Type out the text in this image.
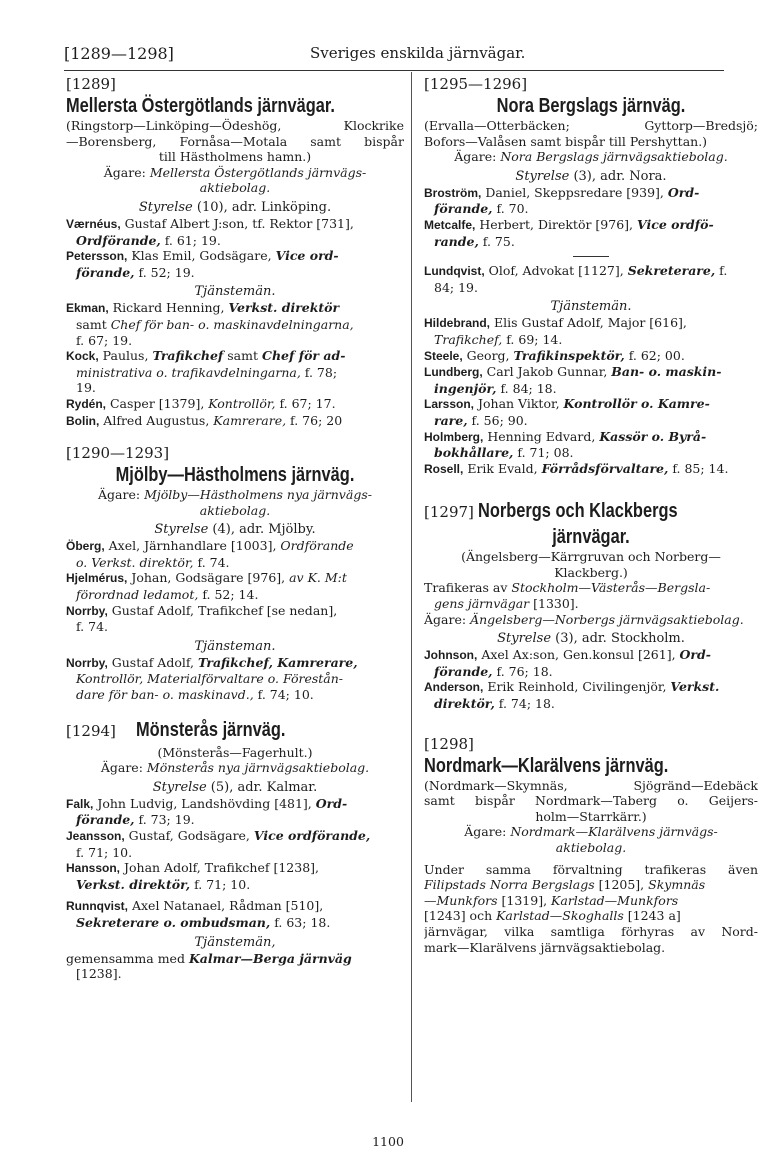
[1289—1298]	Sveriges enskilda järnvägar.
[1289]
Mellersta Östergötlands järnvägar.
(Ringstorp—Linköping—Ödeshög, Klockrike
—Borensberg, Fornåsa—Motala samt bispår
till Hästholmens hamn.)
Ägare: Mellersta Östergötlands järnvägs-
aktiebolag.
Styrelse (10), adr. Linköping.
Værnéus, Gustaf Albert J:son, tf. Rektor [731],
Ordförande, f. 61; 19.
Petersson, Klas Emil, Godsägare, Vice ord-
förande, f. 52; 19.
Tjänstemän.
Ekman, Rickard Henning, Verkst. direktör
samt Chef för ban- o. maskinavdelningarna,
f. 67; 19.
Kock, Paulus, Trafikchef samt Chef för ad-
ministrativa o. trafikavdelningarna, f. 78;
19.
Rydén, Casper [1379], Kontrollör, f. 67; 17.
Bolin, Alfred Augustus, Kamrerare, f. 76; 20
[1290—1293]
Mjölby—Hästholmens järnväg.
Ägare: Mjölby—Hästholmens nya järnvägs-
aktiebolag.
Styrelse (4), adr. Mjölby.
Öberg, Axel, Järnhandlare [1003], Ordförande
o. Verkst. direktör, f. 74.
Hjelmérus, Johan, Godsägare [976], av K. M:t
förordnad ledamot, f. 52; 14.
Norrby, Gustaf Adolf, Trafikchef [se nedan],
f. 74.
Tjänsteman.
Norrby, Gustaf Adolf, Trafikchef, Kamrerare,
Kontrollör, Materialförvaltare o. Förestån-
dare för ban- o. maskinavd., f. 74; 10.
[1294] Mönsterås järnväg.
(Mönsterås—Fagerhult.)
Ägare: Mönsterås nya järnvägsaktiebolag.
Styrelse (5), adr. Kalmar.
Falk, John Ludvig, Landshövding [481], Ord-
förande, f. 73; 19.
Jeansson, Gustaf, Godsägare, Vice ordförande,
f. 71; 10.
Hansson, Johan Adolf, Trafikchef [1238],
Verkst. direktör, f. 71; 10.
Runnqvist, Axel Natanael, Rådman [510],
Sekreterare o. ombudsman, f. 63; 18.
Tjänstemän,
gemensamma med Kalmar—Berga järnväg
[1238].
[1295—1296]
Nora Bergslags järnväg.
(Ervalla—Otterbäcken; Gyttorp—Bredsjö;
Bofors—Valåsen samt bispår till Pershyttan.)
Ägare: Nora Bergslags järnvägsaktiebolag.
Styrelse (3), adr. Nora.
Broström, Daniel, Skeppsredare [939], Ord-
förande, f. 70.
Metcalfe, Herbert, Direktör [976], Vice ordfö-
rande, f. 75.
Lundqvist, Olof, Advokat [1127], Sekreterare, f.
84; 19.
Tjänstemän.
Hildebrand, Elis Gustaf Adolf, Major [616],
Trafikchef, f. 69; 14.
Steele, Georg, Trafikinspektör, f. 62; 00.
Lundberg, Carl Jakob Gunnar, Ban- o. maskin-
ingenjör, f. 84; 18.
Larsson, Johan Viktor, Kontrollör o. Kamre-
rare, f. 56; 90.
Holmberg, Henning Edvard, Kassör o. Byrå-
bokhållare, f. 71; 08.
Rosell, Erik Evald, Förrådsförvaltare, f. 85; 14.
[1297] Norbergs och Klackbergs
järnvägar.
(Ängelsberg—Kärrgruvan och Norberg—
Klackberg.)
Trafikeras av Stockholm—Västerås—Bergsla-
gens järnvägar [1330].
Ägare: Ängelsberg—Norbergs järnvägsaktiebolag.
Styrelse (3), adr. Stockholm.
Johnson, Axel Ax:son, Gen.konsul [261], Ord-
förande, f. 76; 18.
Anderson, Erik Reinhold, Civilingenjör, Verkst.
direktör, f. 74; 18.
[1298]
Nordmark—Klarälvens järnväg.
(Nordmark—Skymnäs, Sjögränd—Edebäck
samt bispår Nordmark—Taberg o. Geijers-
holm—Starrkärr.)
Ägare: Nordmark—Klarälvens järnvägs-
aktiebolag.
Under samma förvaltning trafikeras även
Filipstads Norra Bergslags [1205], Skymnäs
—Munkfors [1319], Karlstad—Munkfors
[1243] och Karlstad—Skoghalls [1243 a]
järnvägar, vilka samtliga förhyras av Nord-
mark—Klarälvens järnvägsaktiebolag.
1100
